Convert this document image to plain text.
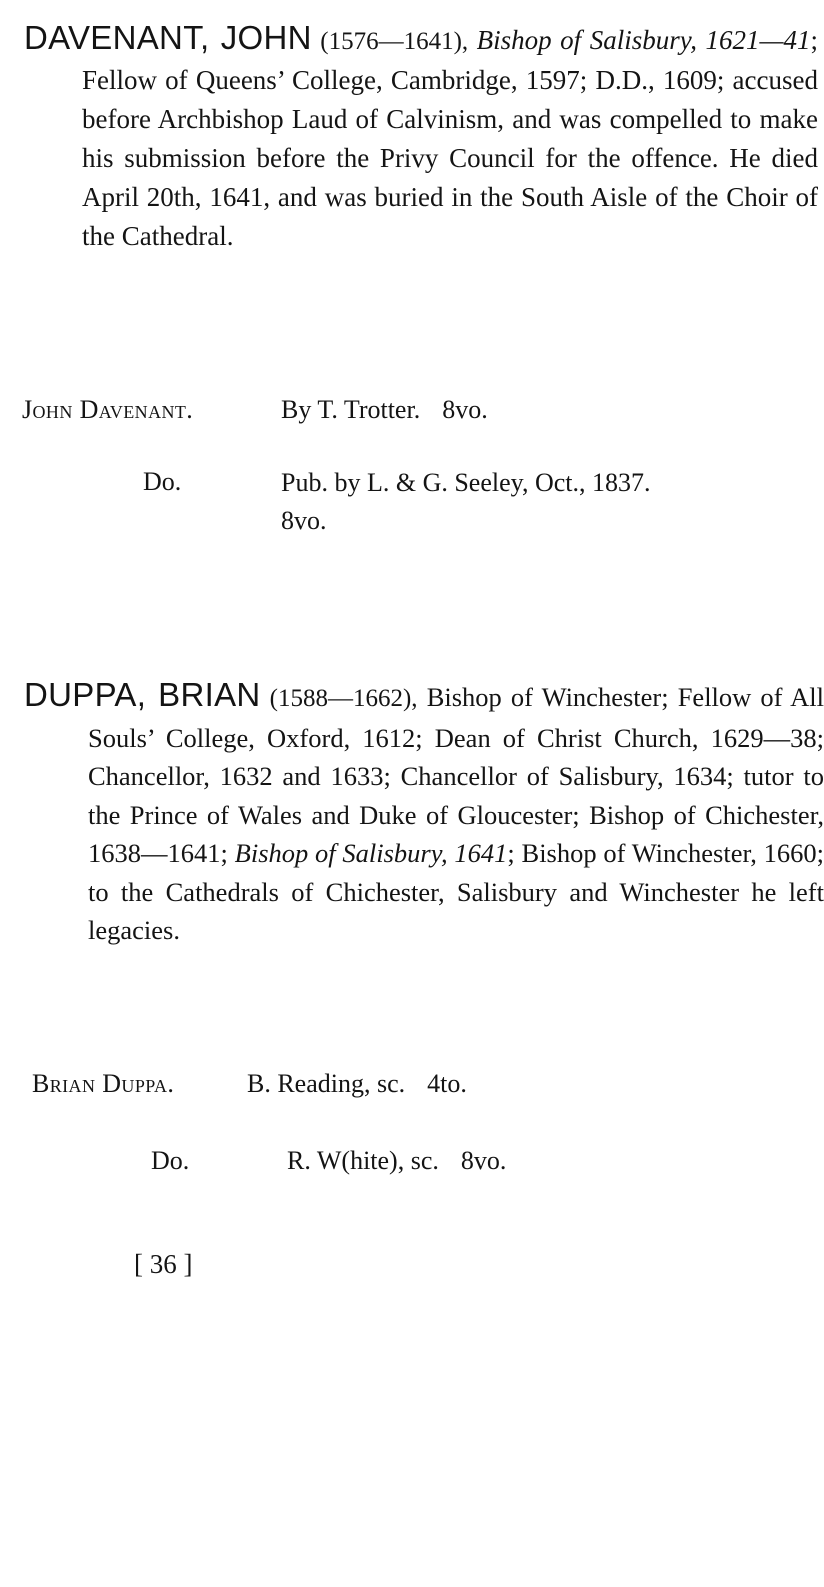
DAVENANT, JOHN (1576—1641), Bishop of Salisbury, 1621—41; Fellow of Queens’ College, Cambridge, 1597; D.D., 1609; accused before Archbishop Laud of Calvinism, and was compelled to make his submission before the Privy Council for the offence. He died April 20th, 1641, and was buried in the South Aisle of the Choir of the Cathedral.
John Davenant.	By T. Trotter. 8vo.
Do.	Pub. by L. & G. Seeley, Oct., 1837.
8vo.
DUPPA, BRIAN (1588—1662), Bishop of Winchester; Fellow of All Souls’ College, Oxford, 1612; Dean of Christ Church, 1629—38; Chancellor, 1632 and 1633; Chancellor of Salisbury, 1634; tutor to the Prince of Wales and Duke of Gloucester; Bishop of Chichester, 1638—1641; Bishop of Salisbury, 1641; Bishop of Winchester, 1660; to the Cathedrals of Chichester, Salisbury and Winchester he left legacies.
Brian Duppa.	B. Reading, sc. 4to.
Do.	R. W(hite), sc. 8vo.
[ 36 ]
